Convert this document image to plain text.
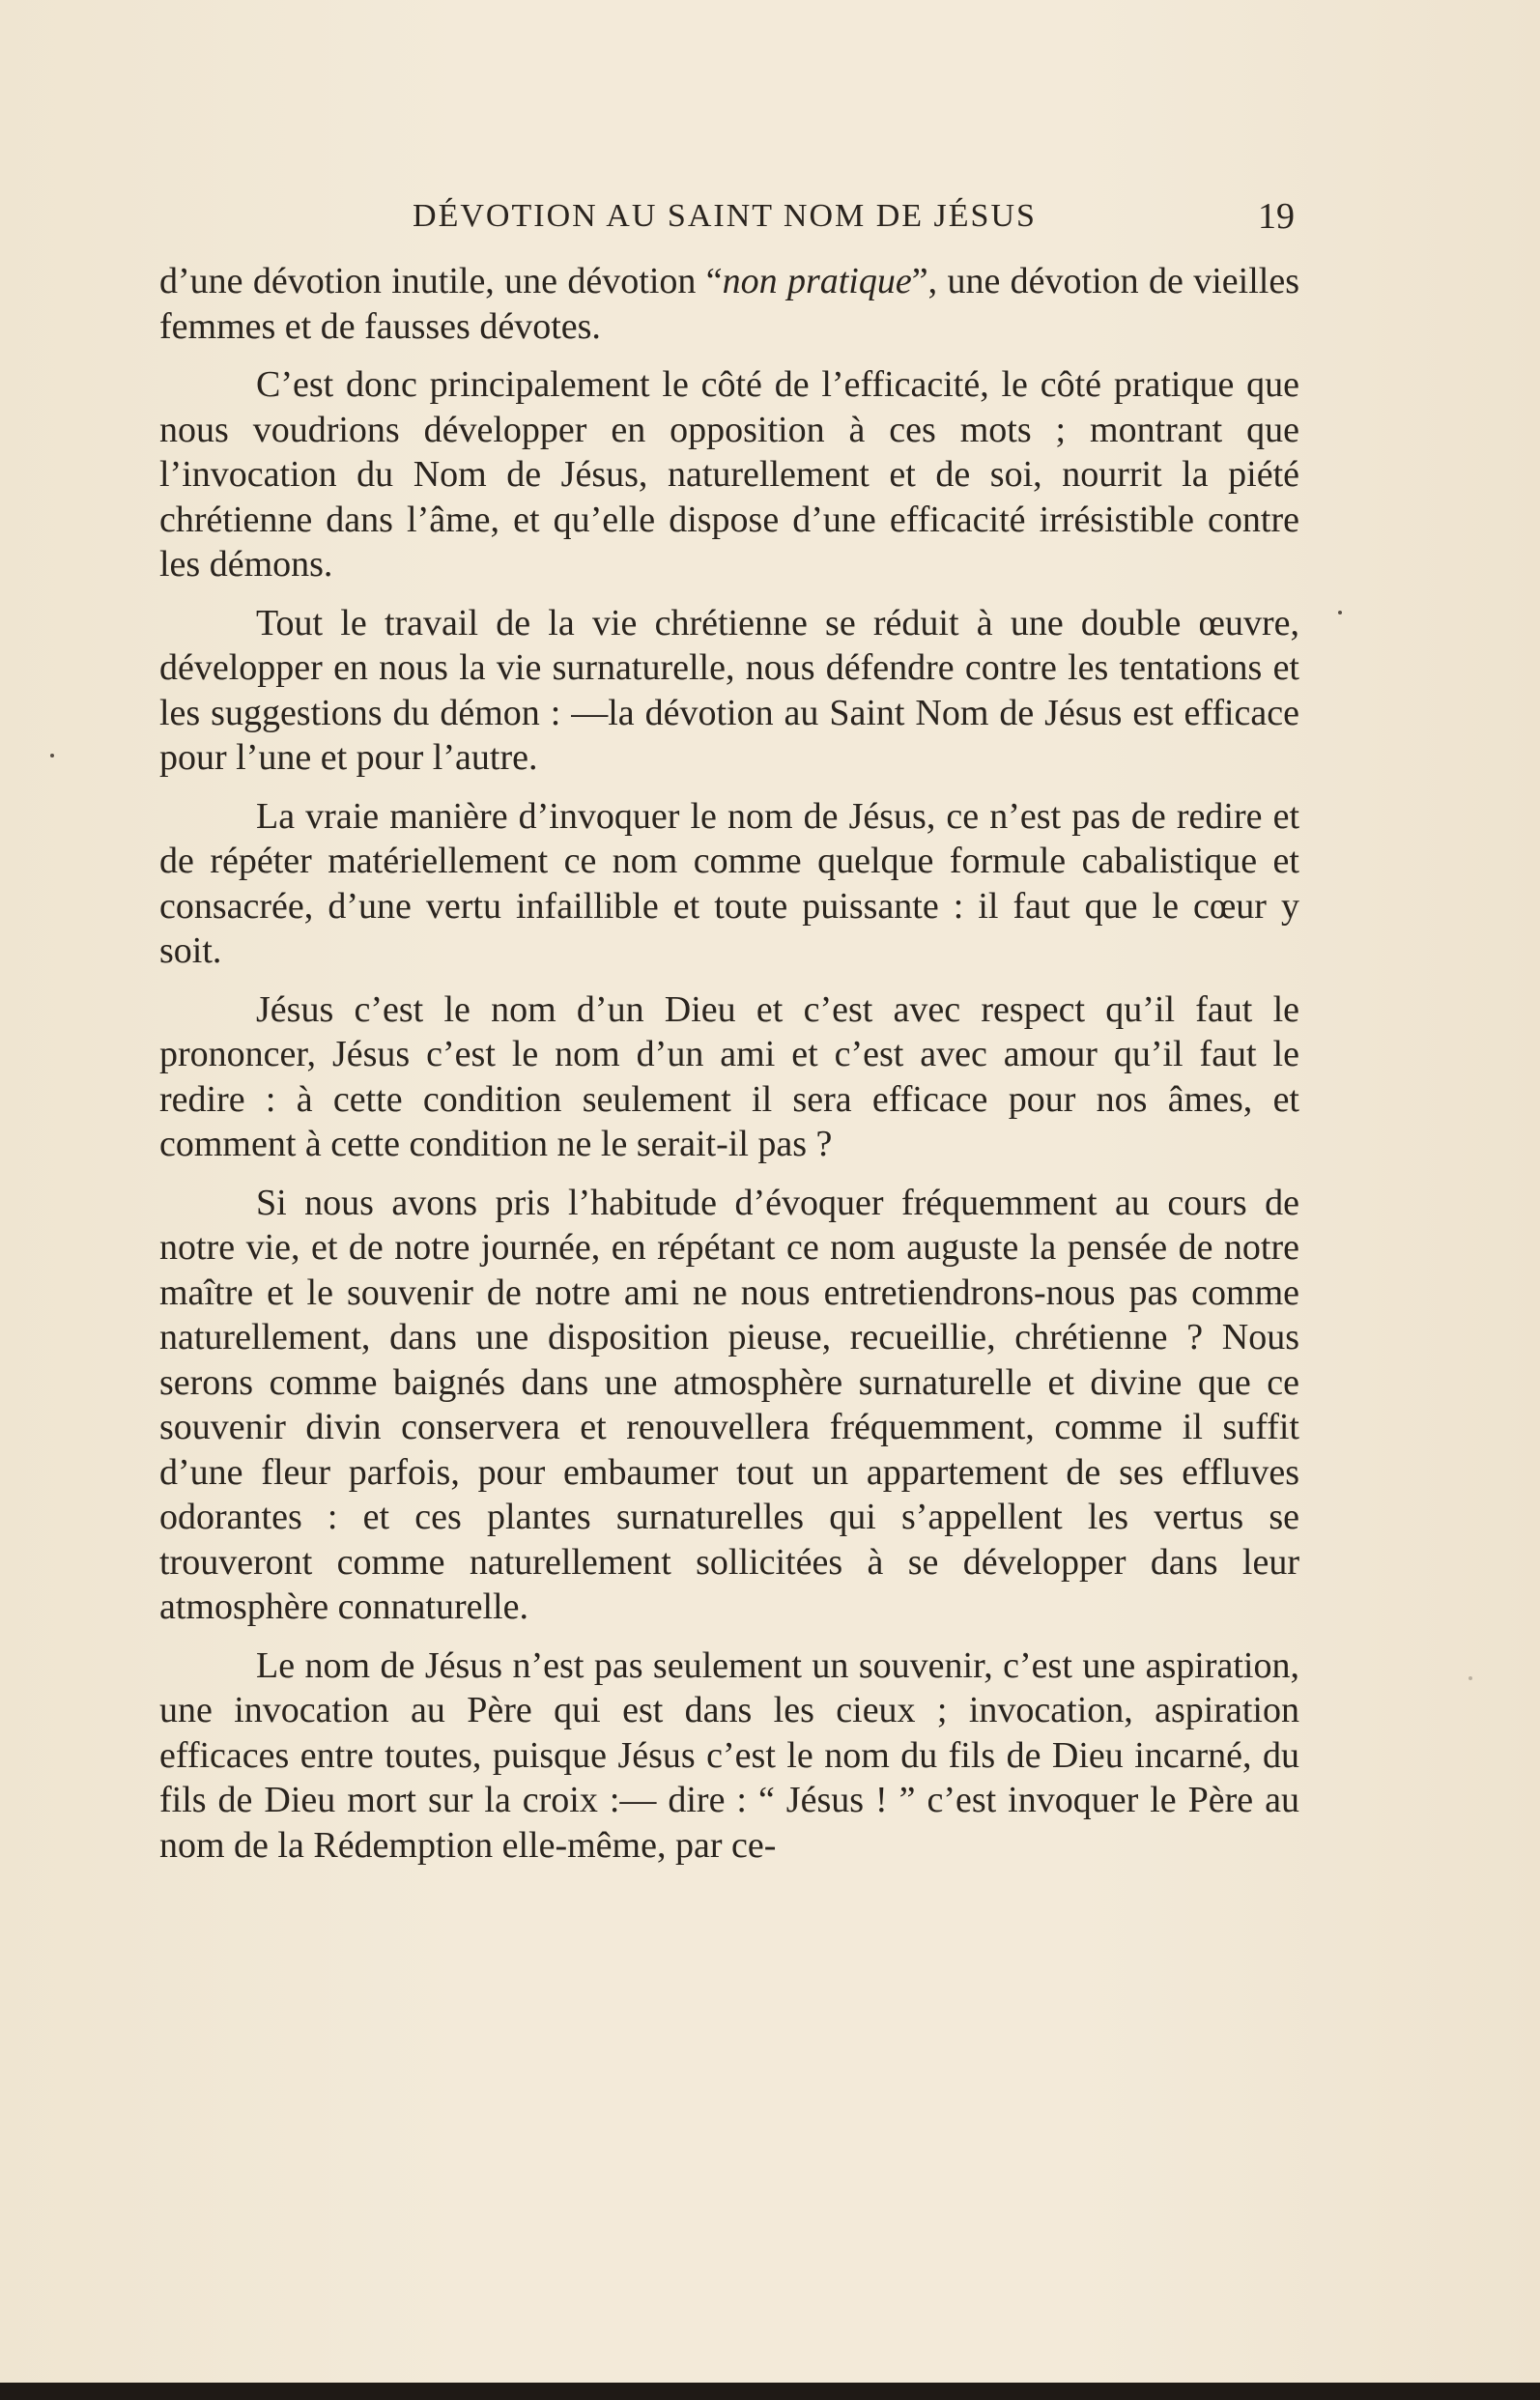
DÉVOTION AU SAINT NOM DE JÉSUS	19

d’une dévotion inutile, une dévotion “non pratique”, une dévotion de vieilles femmes et de fausses dévotes.

C’est donc principalement le côté de l’efficacité, le côté pratique que nous voudrions développer en opposition à ces mots ; montrant que l’invocation du Nom de Jésus, naturellement et de soi, nourrit la piété chrétienne dans l’âme, et qu’elle dispose d’une efficacité irrésistible contre les démons.

Tout le travail de la vie chrétienne se réduit à une double œuvre, développer en nous la vie surnaturelle, nous défendre contre les tentations et les suggestions du démon : —la dévotion au Saint Nom de Jésus est efficace pour l’une et pour l’autre.

La vraie manière d’invoquer le nom de Jésus, ce n’est pas de redire et de répéter matériellement ce nom comme quelque formule cabalistique et consacrée, d’une vertu infaillible et toute puissante : il faut que le cœur y soit.

Jésus c’est le nom d’un Dieu et c’est avec respect qu’il faut le prononcer, Jésus c’est le nom d’un ami et c’est avec amour qu’il faut le redire : à cette condition seulement il sera efficace pour nos âmes, et comment à cette condition ne le serait-il pas ?

Si nous avons pris l’habitude d’évoquer fréquemment au cours de notre vie, et de notre journée, en répétant ce nom auguste la pensée de notre maître et le souvenir de notre ami ne nous entretiendrons-nous pas comme naturellement, dans une disposition pieuse, recueillie, chrétienne ? Nous serons comme baignés dans une atmosphère surnaturelle et divine que ce souvenir divin conservera et renouvellera fréquemment, comme il suffit d’une fleur parfois, pour embaumer tout un appartement de ses effluves odorantes : et ces plantes surnaturelles qui s’appellent les vertus se trouveront comme naturellement sollicitées à se développer dans leur atmosphère connaturelle.

Le nom de Jésus n’est pas seulement un souvenir, c’est une aspiration, une invocation au Père qui est dans les cieux ; invocation, aspiration efficaces entre toutes, puisque Jésus c’est le nom du fils de Dieu incarné, du fils de Dieu mort sur la croix :— dire : “ Jésus ! ” c’est invoquer le Père au nom de la Rédemption elle-même, par ce-
